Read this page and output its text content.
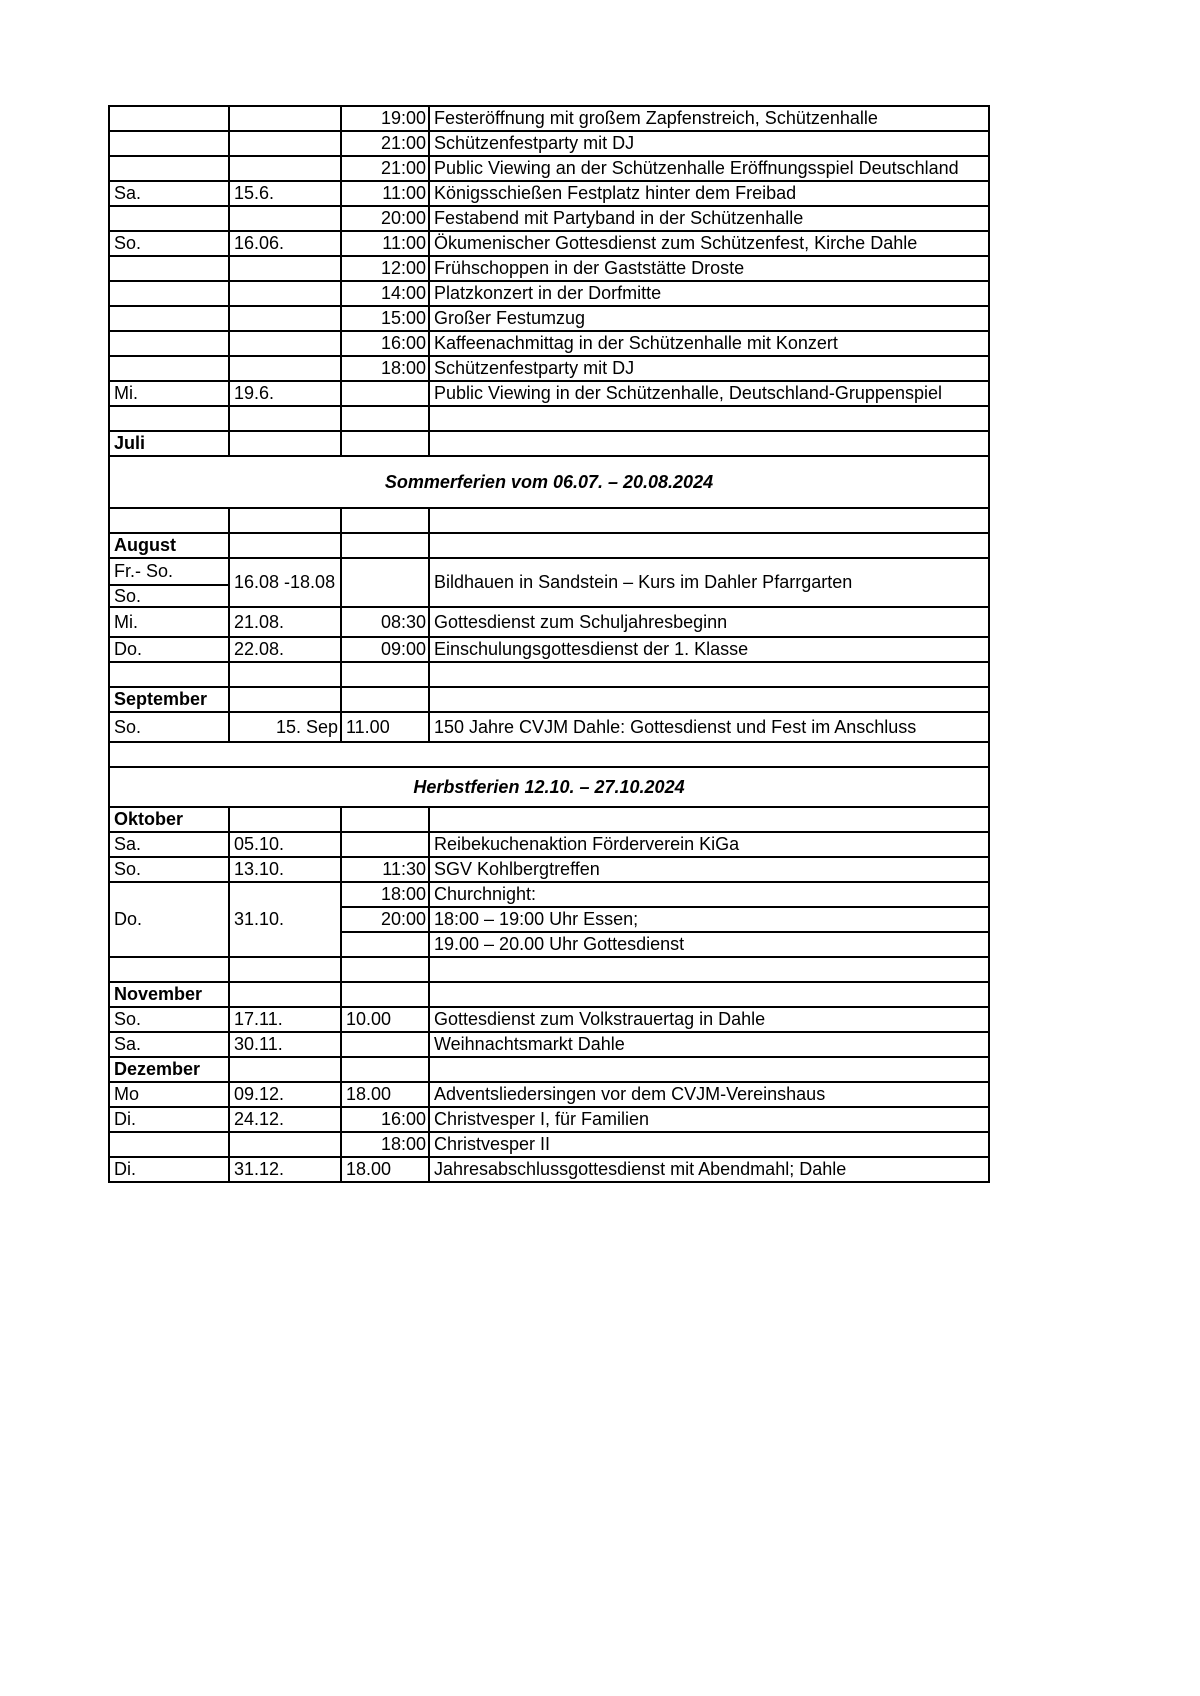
		19:00	Festeröffnung mit großem Zapfenstreich, Schützenhalle
		21:00	Schützenfestparty mit DJ
		21:00	Public Viewing an der Schützenhalle Eröffnungsspiel Deutschland
Sa.	15.6.	11:00	Königsschießen Festplatz hinter dem Freibad
		20:00	Festabend mit Partyband in der Schützenhalle
So.	16.06.	11:00	Ökumenischer Gottesdienst zum Schützenfest, Kirche Dahle
		12:00	Frühschoppen in der Gaststätte Droste
		14:00	Platzkonzert in der Dorfmitte
		15:00	Großer Festumzug
		16:00	Kaffeenachmittag in der Schützenhalle mit Konzert
		18:00	Schützenfestparty mit DJ
Mi.	19.6.		Public Viewing in der Schützenhalle, Deutschland-Gruppenspiel

Juli			
Sommerferien vom 06.07. – 20.08.2024			

August			
Fr.- So.	16.08 -18.08		Bildhauen in Sandstein – Kurs im Dahler Pfarrgarten
So.			
Mi.	21.08.	08:30	Gottesdienst zum Schuljahresbeginn
Do.	22.08.	09:00	Einschulungsgottesdienst der 1. Klasse

September			
So.	15. Sep	11.00	150 Jahre CVJM Dahle: Gottesdienst und Fest im Anschluss

Herbstferien 12.10. – 27.10.2024			
Oktober			
Sa.	05.10.		Reibekuchenaktion Förderverein KiGa
So.	13.10.	11:30	SGV Kohlbergtreffen
Do.	31.10.	18:00	Churchnight:
		20:00	18:00 – 19:00 Uhr Essen;
			19.00 – 20.00 Uhr Gottesdienst

November			
So.	17.11.	10.00	Gottesdienst zum Volkstrauertag in Dahle
Sa.	30.11.		Weihnachtsmarkt Dahle
Dezember			
Mo	09.12.	18.00	Adventsliedersingen vor dem CVJM-Vereinshaus
Di.	24.12.	16:00	Christvesper I, für Familien
		18:00	Christvesper II
Di.	31.12.	18.00	Jahresabschlussgottesdienst mit Abendmahl; Dahle
